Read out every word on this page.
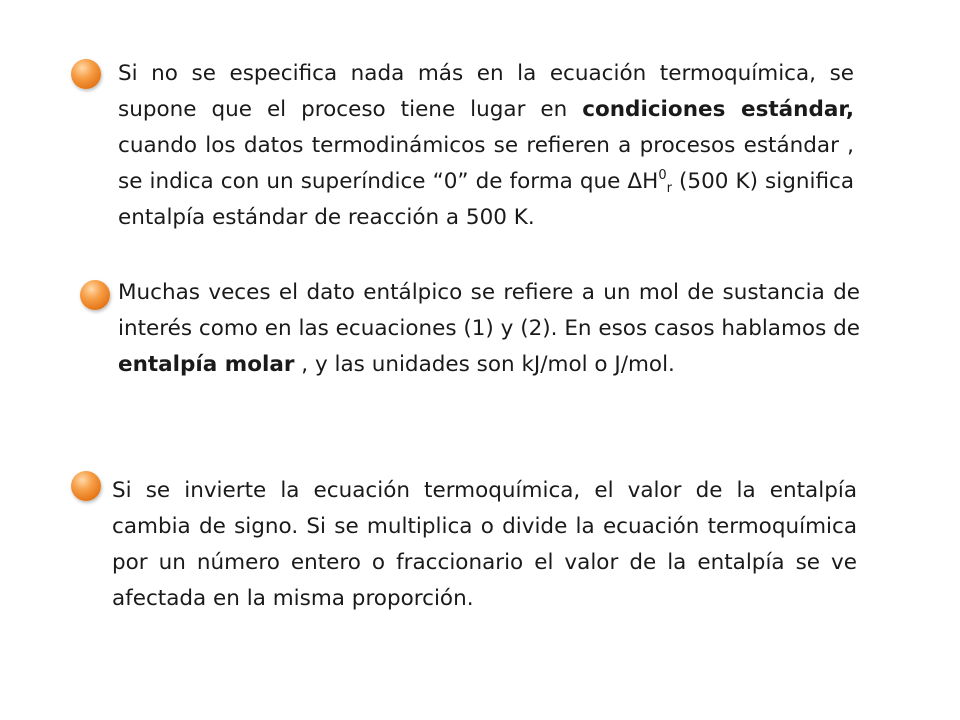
Si no se especifica nada más en la ecuación termoquímica, se supone que el proceso tiene lugar en condiciones estándar, cuando los datos termodinámicos se refieren a procesos estándar , se indica con un superíndice “0” de forma que $\Delta H^0_r$ (500 K) significa entalpía estándar de reacción a 500 K.
Muchas veces el dato entálpico se refiere a un mol de sustancia de interés como en las ecuaciones (1) y (2). En esos casos hablamos de entalpía molar , y las unidades son kJ/mol o J/mol.
Si se invierte la ecuación termoquímica, el valor de la entalpía cambia de signo. Si se multiplica o divide la ecuación termoquímica por un número entero o fraccionario el valor de la entalpía se ve afectada en la misma proporción.
